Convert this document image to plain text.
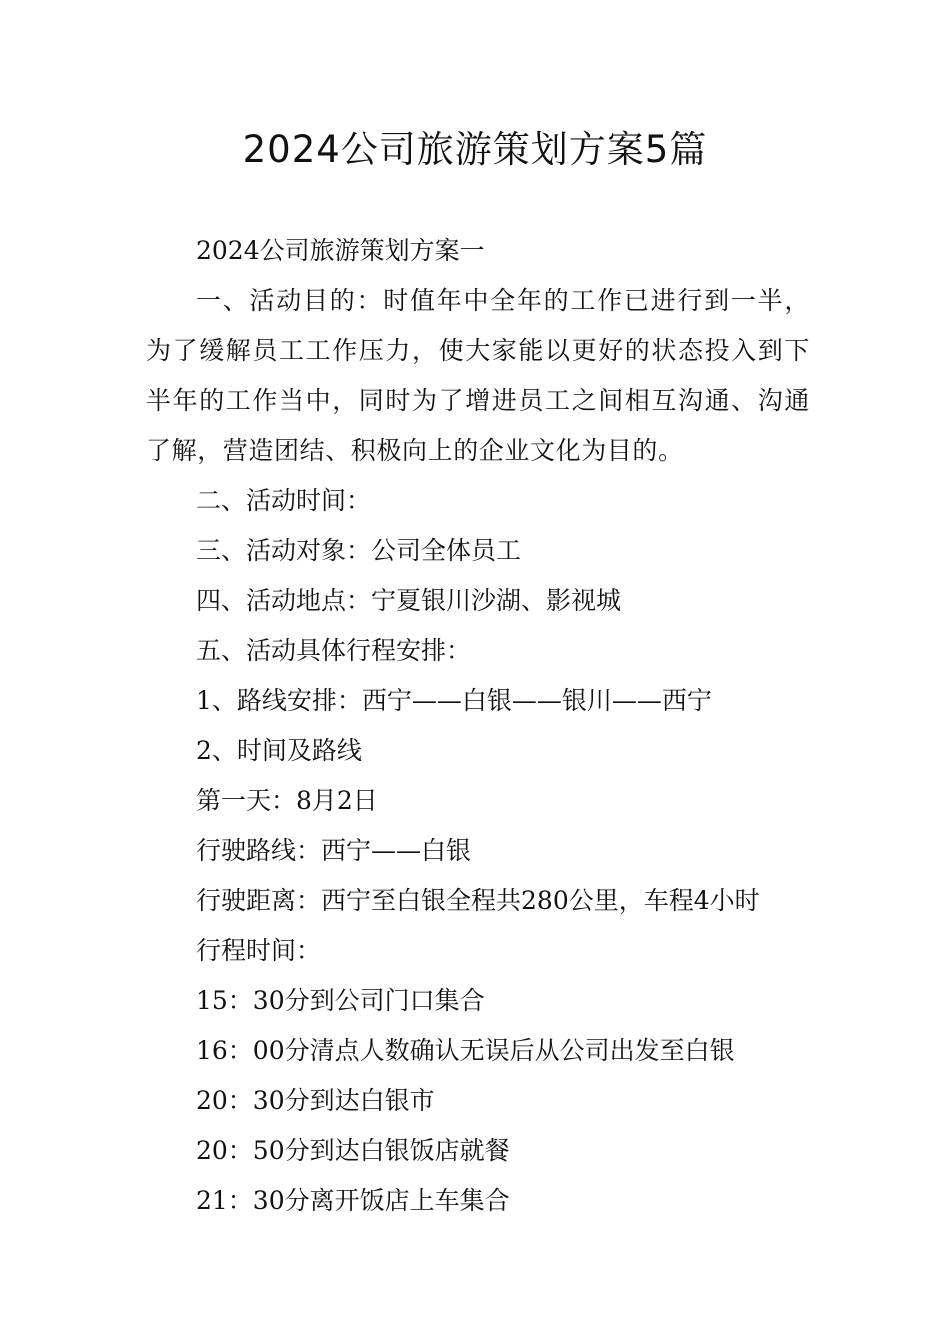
2024公司旅游策划方案5篇

2024公司旅游策划方案一

一、活动目的：时值年中全年的工作已进行到一半，为了缓解员工工作压力，使大家能以更好的状态投入到下半年的工作当中，同时为了增进员工之间相互沟通、沟通了解，营造团结、积极向上的企业文化为目的。

二、活动时间：

三、活动对象：公司全体员工

四、活动地点：宁夏银川沙湖、影视城

五、活动具体行程安排：

1、路线安排：西宁——白银——银川——西宁

2、时间及路线

第一天：8月2日

行驶路线：西宁——白银

行驶距离：西宁至白银全程共280公里，车程4小时

行程时间：

15：30分到公司门口集合

16：00分清点人数确认无误后从公司出发至白银

20：30分到达白银市

20：50分到达白银饭店就餐

21：30分离开饭店上车集合
